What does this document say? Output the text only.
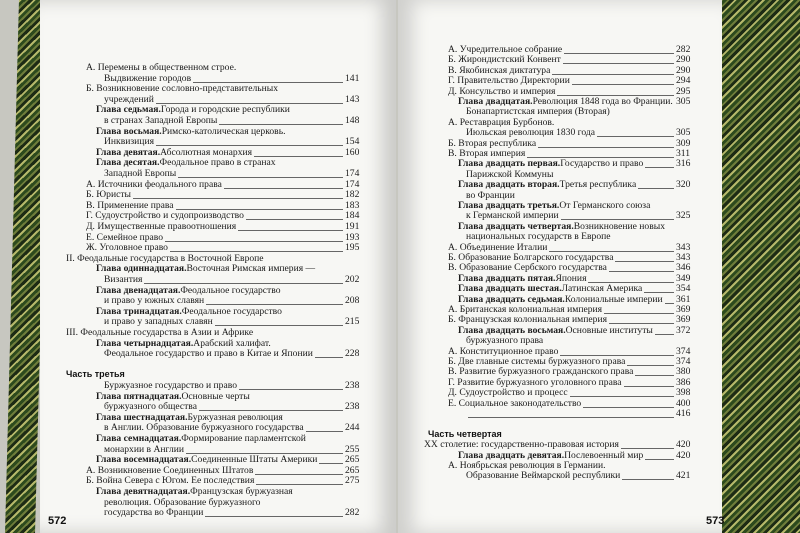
572
А. Перемены в общественном строе.
Выдвижение городов	141
Б. Возникновение сословно-представительных
учреждений	143
Глава седьмая.Города и городские республики
в странах Западной Европы	148
Глава восьмая.Римско-католическая церковь.
Инквизиция	154
Глава девятая.Абсолютная монархия	160
Глава десятая.Феодальное право в странах
Западной Европы	174
А. Источники феодального права	174
Б. Юристы	182
В. Применение права	183
Г. Судоустройство и судопроизводство	184
Д. Имущественные правоотношения	191
Е. Семейное право	193
Ж. Уголовное право	195
II. Феодальные государства в Восточной Европе
Глава одиннадцатая.Восточная Римская империя —
Византия	202
Глава двенадцатая.Феодальное государство
и право у южных славян	208
Глава тринадцатая.Феодальное государство
и право у западных славян	215
III. Феодальные государства в Азии и Африке
Глава четырнадцатая.Арабский халифат.
Феодальное государство и право в Китае и Японии	228
Часть третья
Буржуазное государство и право	238
Глава пятнадцатая.Основные черты
буржуазного общества	238
Глава шестнадцатая.Буржуазная революция
в Англии. Образование буржуазного государства	244
Глава семнадцатая.Формирование парламентской
монархии в Англии	255
Глава восемнадцатая.Соединенные Штаты Америки	265
А. Возникновение Соединенных Штатов	265
Б. Война Севера с Югом. Ее последствия	275
Глава девятнадцатая.Французская буржуазная
революция. Образование буржуазного
государства во Франции	282
573
А. Учредительное собрание	282
Б. Жирондистский Конвент	290
В. Якобинская диктатура	290
Г. Правительство Директории	294
Д. Консульство и империя	295
Глава двадцатая.Революция 1848 года во Франции. 305
Бонапартистская империя (Вторая)
А. Реставрация Бурбонов.
Июльская революция 1830 года	305
Б. Вторая республика	309
В. Вторая империя	311
Глава двадцать первая.Государство и право	316
Парижской Коммуны
Глава двадцать вторая.Третья республика	320
во Франции
Глава двадцать третья.От Германского союза
к Германской империи	325
Глава двадцать четвертая.Возникновение новых
национальных государств в Европе
А. Объединение Италии	343
Б. Образование Болгарского государства	343
В. Образование Сербского государства	346
Глава двадцать пятая.Япония	349
Глава двадцать шестая.Латинская Америка	354
Глава двадцать седьмая.Колониальные империи 361
А. Британская колониальная империя	369
Б. Французская колониальная империя	369
Глава двадцать восьмая.Основные институты 372
буржуазного права
А. Конституционное право	374
Б. Две главные системы буржуазного права	374
В. Развитие буржуазного гражданского права	380
Г. Развитие буржуазного уголовного права	386
Д. Судоустройство и процесс	398
Е. Социальное законодательство	400
416
Часть четвертая
XX столетие: государственно-правовая история	420
Глава двадцать девятая.Послевоенный мир	420
А. Ноябрьская революция в Германии.
Образование Веймарской республики	421
